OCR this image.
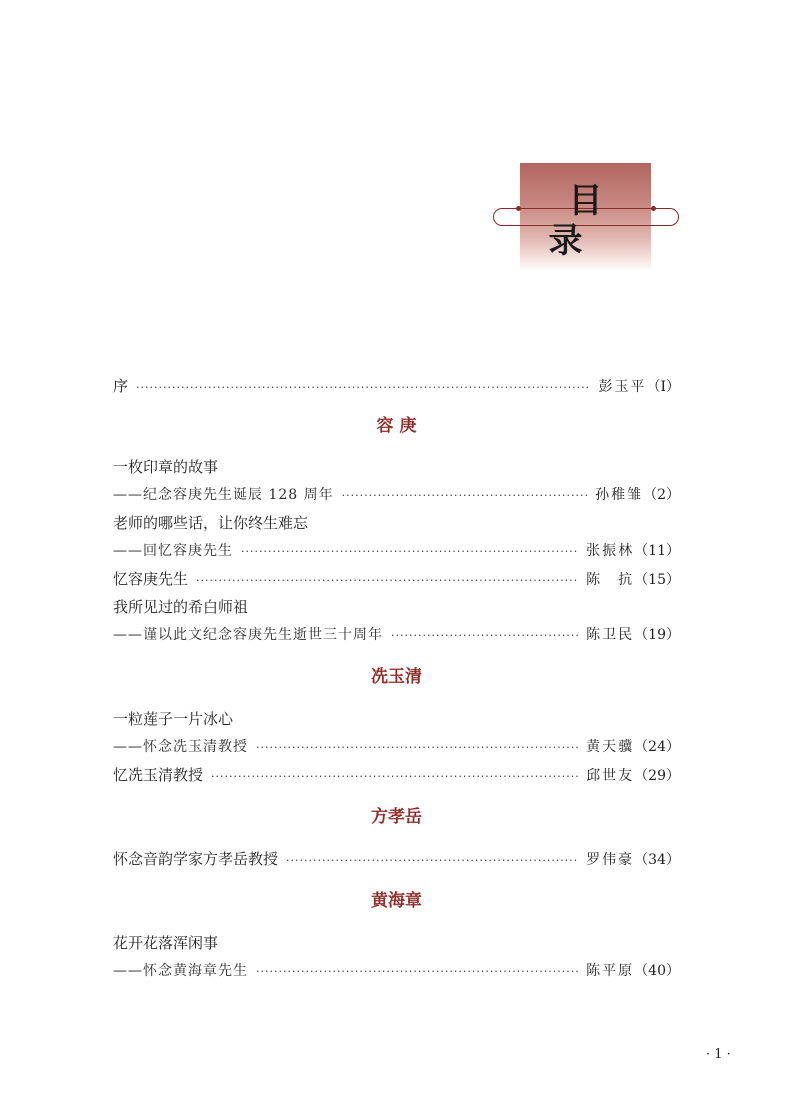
目 录
序 ·····	彭玉平 （Ⅰ）
容 庚
一枚印章的故事
——纪念容庚先生诞辰 128 周年 ·····	孙稚雏 （2）
老师的哪些话，让你终生难忘
——回忆容庚先生 ·····	张振林 （11）
忆容庚先生 ·····	陈　抗 （15）
我所见过的希白师祖
——谨以此文纪念容庚先生逝世三十周年 ·····	陈卫民 （19）
冼玉清
一粒莲子一片冰心
——怀念冼玉清教授 ·····	黄天骥 （24）
忆冼玉清教授 ·····	邱世友 （29）
方孝岳
怀念音韵学家方孝岳教授 ·····	罗伟豪 （34）
黄海章
花开花落浑闲事
——怀念黄海章先生 ·····	陈平原 （40）
· 1 ·
